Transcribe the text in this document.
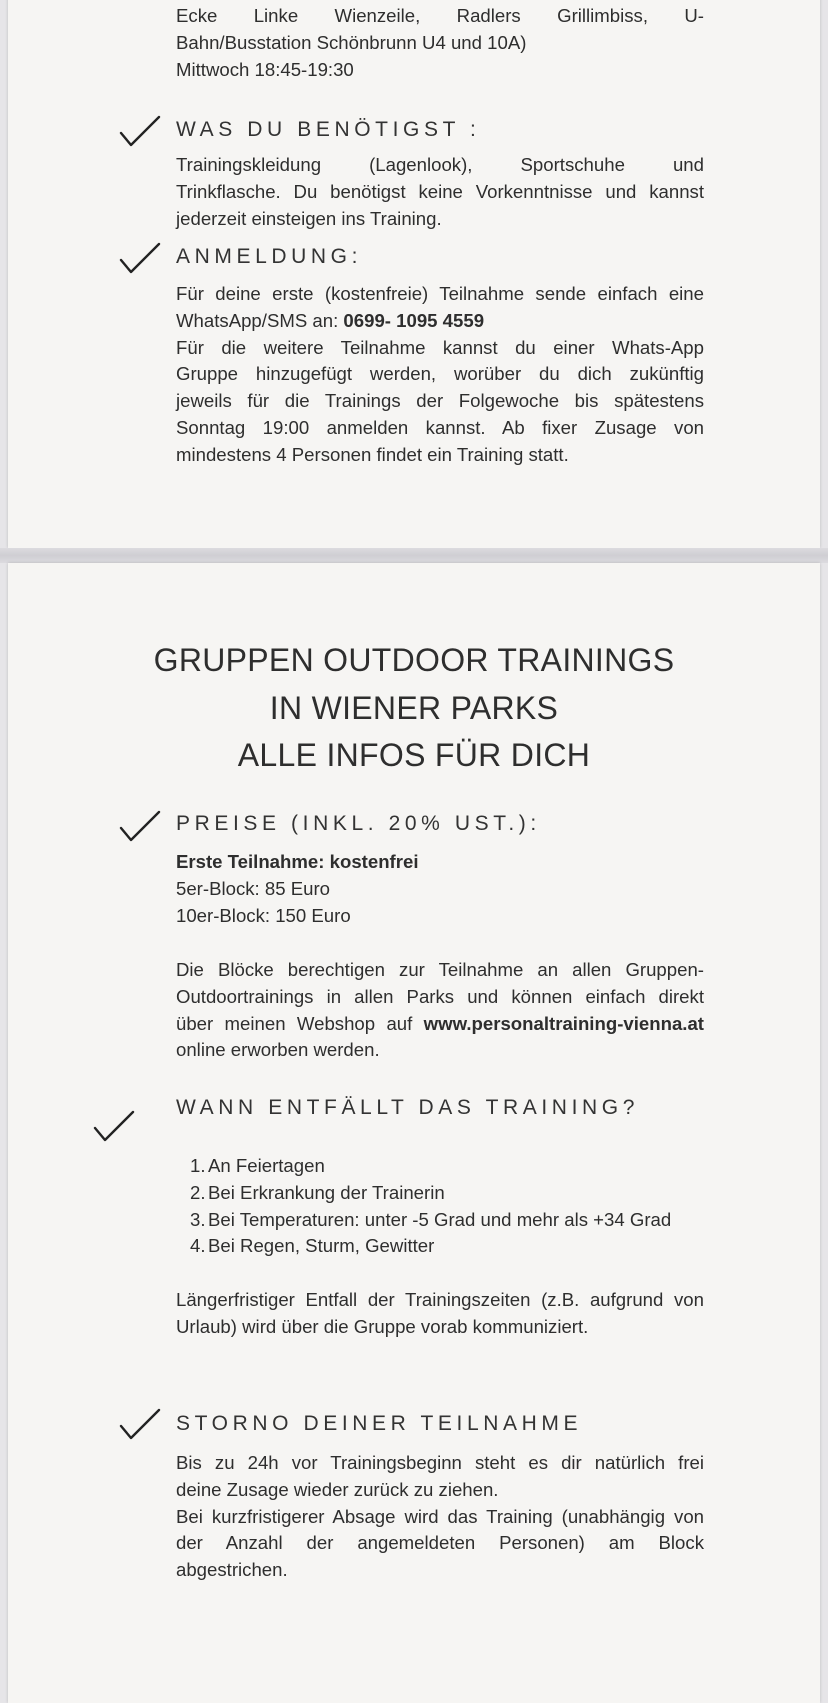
Ecke Linke Wienzeile, Radlers Grillimbiss, U-
Bahn/Busstation Schönbrunn U4 und 10A)
Mittwoch 18:45-19:30
WAS DU BENÖTIGST :
Trainingskleidung (Lagenlook), Sportschuhe und
Trinkflasche. Du benötigst keine Vorkenntnisse und kannst
jederzeit einsteigen ins Training.
ANMELDUNG:
Für deine erste (kostenfreie) Teilnahme sende einfach eine
WhatsApp/SMS an: 0699- 1095 4559
Für die weitere Teilnahme kannst du einer Whats-App
Gruppe hinzugefügt werden, worüber du dich zukünftig
jeweils für die Trainings der Folgewoche bis spätestens
Sonntag 19:00 anmelden kannst. Ab fixer Zusage von
mindestens 4 Personen findet ein Training statt.
GRUPPEN OUTDOOR TRAININGS
IN WIENER PARKS
ALLE INFOS FÜR DICH
PREISE (INKL. 20% UST.):
Erste Teilnahme: kostenfrei
5er-Block: 85 Euro
10er-Block: 150 Euro
Die Blöcke berechtigen zur Teilnahme an allen Gruppen-
Outdoortrainings in allen Parks und können einfach direkt
über meinen Webshop auf www.personaltraining-vienna.at
online erworben werden.
WANN ENTFÄLLT DAS TRAINING?
1. An Feiertagen
2. Bei Erkrankung der Trainerin
3. Bei Temperaturen: unter -5 Grad und mehr als +34 Grad
4. Bei Regen, Sturm, Gewitter
Längerfristiger Entfall der Trainingszeiten (z.B. aufgrund von
Urlaub) wird über die Gruppe vorab kommuniziert.
STORNO DEINER TEILNAHME
Bis zu 24h vor Trainingsbeginn steht es dir natürlich frei
deine Zusage wieder zurück zu ziehen.
Bei kurzfristigerer Absage wird das Training (unabhängig von
der Anzahl der angemeldeten Personen) am Block
abgestrichen.
